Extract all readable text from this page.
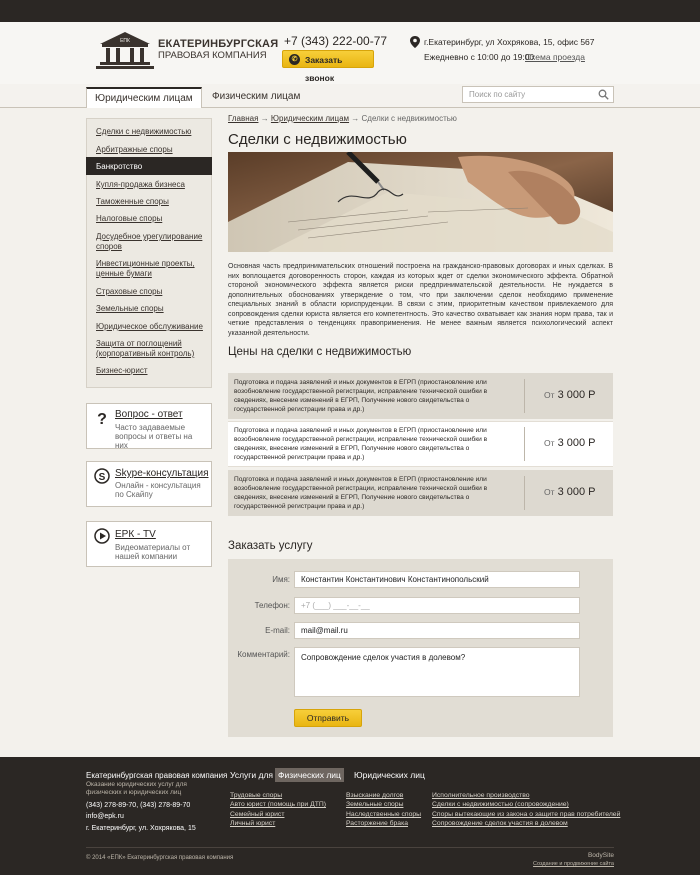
ЕПК	ЕКАТЕРИНБУРГСКАЯ
ПРАВОВАЯ КОМПАНИЯ
+7 (343) 222-00-77
✆ Заказать звонок
г.Екатеринбург, ул Хохрякова, 15, офис 567
Ежедневно с 10:00 до 19:00
Схема проезда
Юридическим лицам	Физическим лицам	Поиск по сайту
Сделки с недвижимостью
Арбитражные споры
Банкротство
Купля-продажа бизнеса
Таможенные споры
Налоговые споры
Досудебное урегулирование споров
Инвестиционные проекты, ценные бумаги
Страховые споры
Земельные споры
Юридическое обслуживание
Защита от поглощений (корпоративный контроль)
Бизнес-юрист
? Вопрос - ответ
Часто задаваемые вопросы и ответы на них
S Skype-консультация
Онлайн - консультация по Скайпу
ЕРК - TV
Видеоматериалы от нашей компании
Главная → Юридическим лицам → Сделки с недвижимостью
Сделки с недвижимостью
Основная часть предпринимательских отношений построена на гражданско-правовых договорах и иных сделках. В них воплощается договоренность сторон, каждая из которых ждет от сделки экономического эффекта. Обратной стороной экономического эффекта является риски предпринимательской деятельности. Не нуждается в дополнительных обоснованиях утверждение о том, что при заключении сделок необходимо применение специальных знаний в области юриспруденции. В связи с этим, приоритетным качеством привлекаемого для сопровождения сделки юриста является его компетентность. Это качество охватывает как знания норм права, так и четкие представления о тенденциях правоприменения. Не менее важным является психологический аспект указанной деятельности.
Цены на сделки с недвижимостью
Подготовка и подача заявлений и иных документов в ЕГРП (приостановление или возобновление государственной регистрации, исправление технической ошибки в сведениях, внесение изменений в ЕГРП, Получение нового свидетельства о государственной регистрации права и др.)
От 3 000 Р
Подготовка и подача заявлений и иных документов в ЕГРП (приостановление или возобновление государственной регистрации, исправление технической ошибки в сведениях, внесение изменений в ЕГРП, Получение нового свидетельства о государственной регистрации права и др.)
От 3 000 Р
Подготовка и подача заявлений и иных документов в ЕГРП (приостановление или возобновление государственной регистрации, исправление технической ошибки в сведениях, внесение изменений в ЕГРП, Получение нового свидетельства о государственной регистрации права и др.)
От 3 000 Р
Заказать услугу
Имя:	Константин Константинович Константинопольский
Телефон:	+7 (___) ___-__-__
E-mail:	mail@mail.ru
Комментарий:	Сопровождение сделок участия в долевом?
Отправить
Екатеринбургская правовая компания
Оказание юридических услуг для физических и юридических лиц
(343) 278-89-70, (343) 278-89-70
info@epk.ru
г. Екатеринбург, ул. Хохрякова, 15
Услуги для Физических лиц	Юридических лиц
Трудовые споры
Авто юрист (помощь при ДТП)
Семейный юрист
Личный юрист
Взыскание долгов
Земельные споры
Наследственные споры
Расторжение брака
Исполнительное производство
Сделки с недвижимостью (сопровождение)
Споры вытекающие из закона о защите прав потребителей
Сопровождение сделок участия в долевом
© 2014 «ЕПК» Екатеринбургская правовая компания	BodySite
Создание и продвижение сайта
